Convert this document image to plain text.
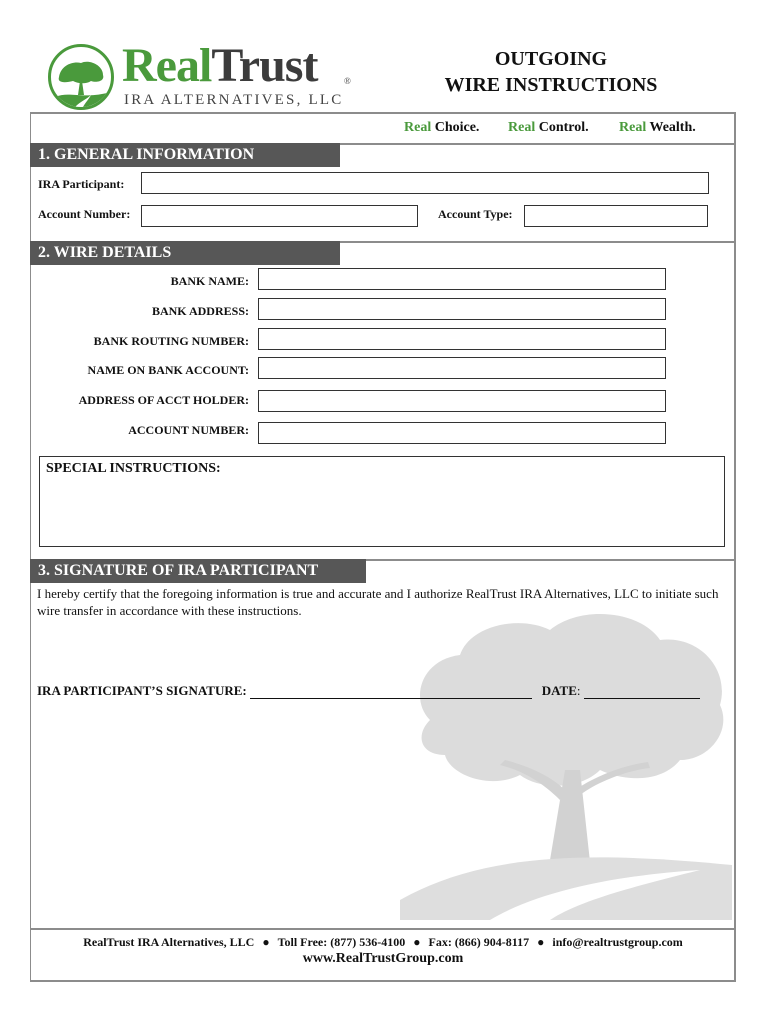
RealTrust	®
IRA ALTERNATIVES, LLC
OUTGOING
WIRE INSTRUCTIONS
Real Choice. Real Control. Real Wealth.
1. GENERAL INFORMATION
IRA Participant:
Account Number:	Account Type:
2. WIRE DETAILS
BANK NAME:
BANK ADDRESS:
BANK ROUTING NUMBER:
NAME ON BANK ACCOUNT:
ADDRESS OF ACCT HOLDER:
ACCOUNT NUMBER:
SPECIAL INSTRUCTIONS:
3. SIGNATURE OF IRA PARTICIPANT
I hereby certify that the foregoing information is true and accurate and I authorize RealTrust IRA Alternatives, LLC to initiate such wire transfer in accordance with these instructions.
IRA PARTICIPANT’S SIGNATURE:	DATE:
RealTrust IRA Alternatives, LLC ● Toll Free: (877) 536-4100 ● Fax: (866) 904-8117 ● info@realtrustgroup.com
www.RealTrustGroup.com
